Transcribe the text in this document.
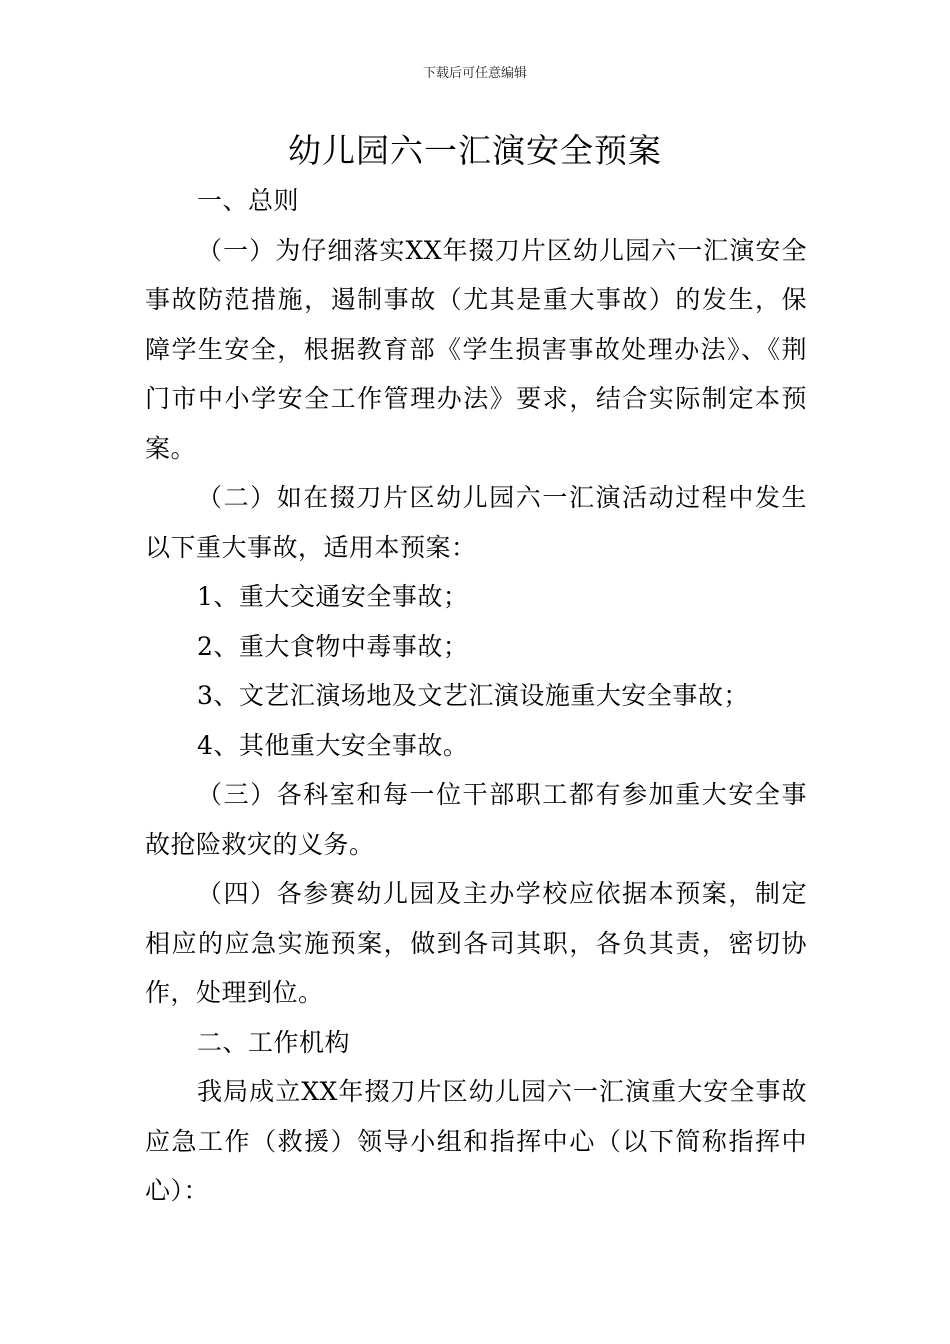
下载后可任意编辑
幼儿园六一汇演安全预案

一、总则

（一）为仔细落实XX年掇刀片区幼儿园六一汇演安全事故防范措施，遏制事故（尤其是重大事故）的发生，保障学生安全，根据教育部《学生损害事故处理办法》、《荆门市中小学安全工作管理办法》要求，结合实际制定本预案。

（二）如在掇刀片区幼儿园六一汇演活动过程中发生以下重大事故，适用本预案：

1、重大交通安全事故；

2、重大食物中毒事故；

3、文艺汇演场地及文艺汇演设施重大安全事故；

4、其他重大安全事故。

（三）各科室和每一位干部职工都有参加重大安全事故抢险救灾的义务。

（四）各参赛幼儿园及主办学校应依据本预案，制定相应的应急实施预案，做到各司其职，各负其责，密切协作，处理到位。

二、工作机构

我局成立XX年掇刀片区幼儿园六一汇演重大安全事故应急工作（救援）领导小组和指挥中心（以下简称指挥中心）：
